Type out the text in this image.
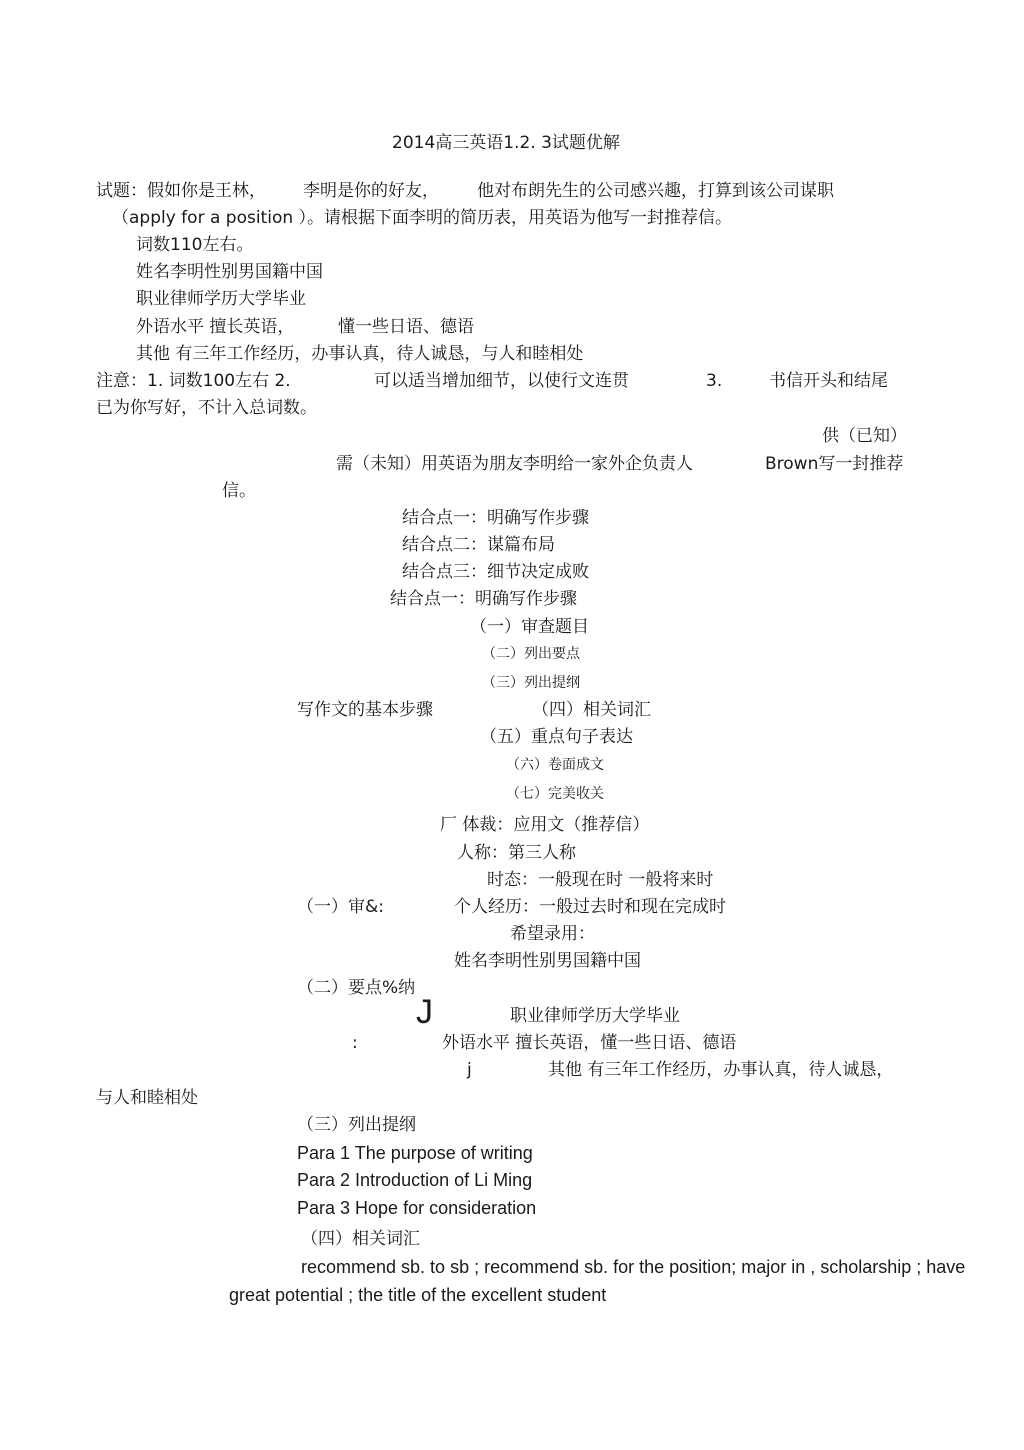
2014高三英语1.2. 3试题优解
试题：假如你是王林， 李明是你的好友， 他对布朗先生的公司感兴趣，打算到该公司谋职
（apply for a position ）。请根据下面李明的简历表，用英语为他写一封推荐信。
词数110左右。
姓名李明性别男国籍中国
职业律师学历大学毕业
外语水平 擅长英语，	懂一些日语、德语
其他 有三年工作经历，办事认真，待人诚恳，与人和睦相处
注意：1. 词数100左右 2.	可以适当增加细节，以使行文连贯	3.	书信开头和结尾
已为你写好，不计入总词数。
供（已知）
需（未知）用英语为朋友李明给一家外企负责人	Brown写一封推荐
信。
结合点一：明确写作步骤
结合点二：谋篇布局
结合点三：细节决定成败
结合点一：明确写作步骤
（一）审查题目
（二）列出要点
（三）列出提纲
写作文的基本步骤	（四）相关词汇
（五）重点句子表达
（六）卷面成文
（七）完美收关
厂 体裁：应用文（推荐信）
人称：第三人称
时态：一般现在时 一般将来时
（一）审&:	个人经历：一般过去时和现在完成时
希望录用：
姓名李明性别男国籍中国
（二）要点%纳
J	职业律师学历大学毕业
:	外语水平 擅长英语，懂一些日语、德语
j	其他 有三年工作经历，办事认真，待人诚恳，
与人和睦相处
（三）列出提纲
Para 1 The purpose of writing
Para 2 Introduction of Li Ming
Para 3 Hope for consideration
（四）相关词汇
recommend sb. to sb ; recommend sb. for the position; major in , scholarship ; have
great potential ; the title of the excellent student
